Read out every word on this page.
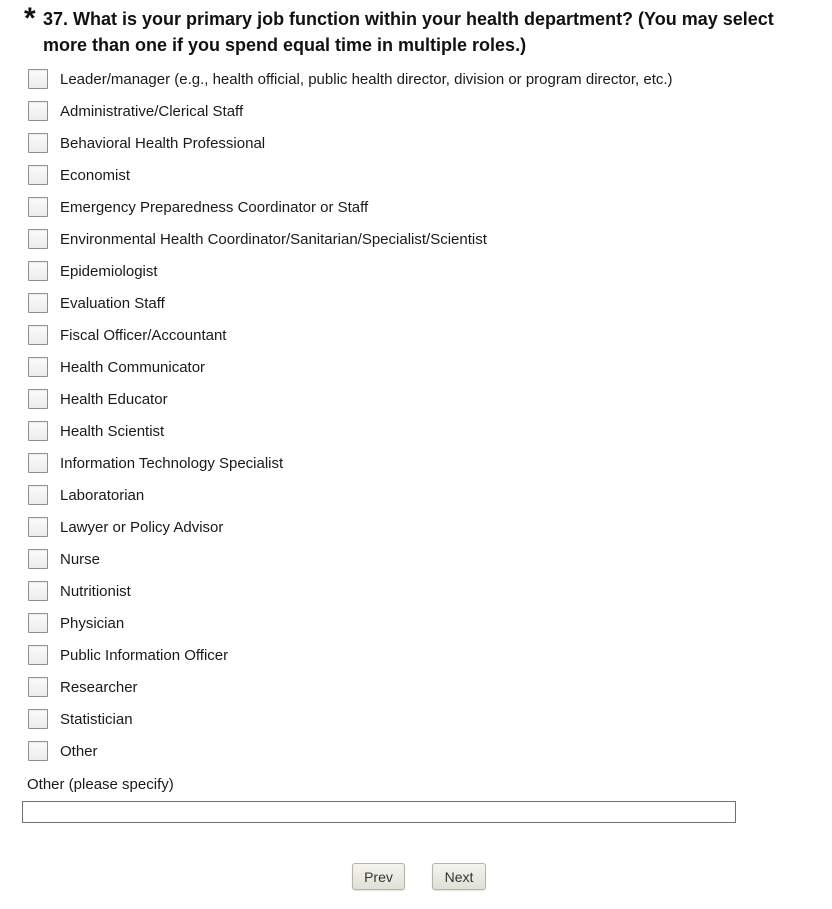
* 37. What is your primary job function within your health department? (You may select more than one if you spend equal time in multiple roles.)
Leader/manager (e.g., health official, public health director, division or program director, etc.)
Administrative/Clerical Staff
Behavioral Health Professional
Economist
Emergency Preparedness Coordinator or Staff
Environmental Health Coordinator/Sanitarian/Specialist/Scientist
Epidemiologist
Evaluation Staff
Fiscal Officer/Accountant
Health Communicator
Health Educator
Health Scientist
Information Technology Specialist
Laboratorian
Lawyer or Policy Advisor
Nurse
Nutritionist
Physician
Public Information Officer
Researcher
Statistician
Other
Other (please specify)
Prev	Next
